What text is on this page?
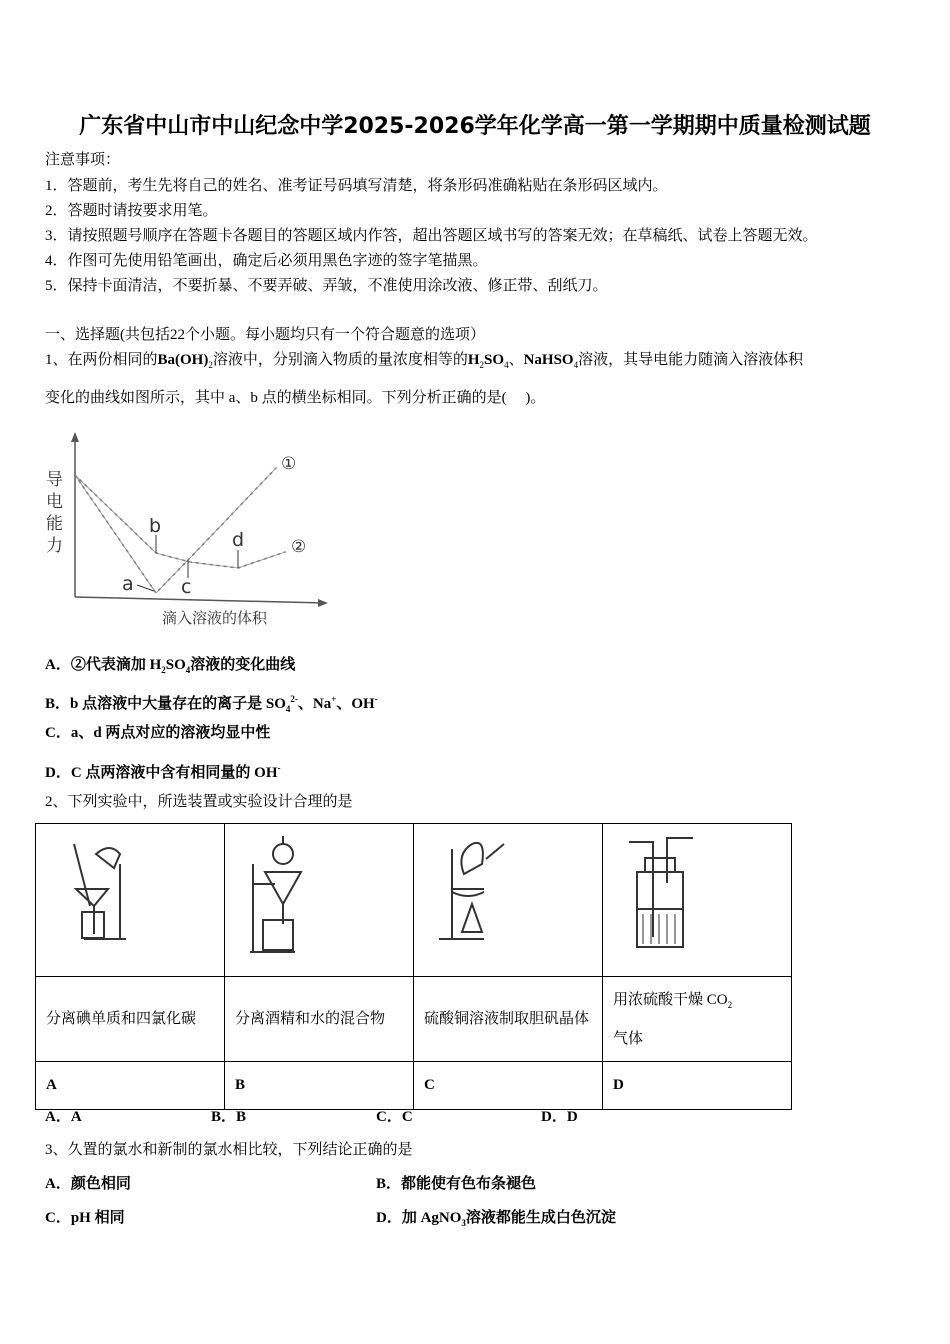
广东省中山市中山纪念中学2025-2026学年化学高一第一学期期中质量检测试题
注意事项：
1．答题前，考生先将自己的姓名、准考证号码填写清楚，将条形码准确粘贴在条形码区域内。
2．答题时请按要求用笔。
3．请按照题号顺序在答题卡各题目的答题区域内作答，超出答题区域书写的答案无效；在草稿纸、试卷上答题无效。
4．作图可先使用铅笔画出，确定后必须用黑色字迹的签字笔描黑。
5．保持卡面清洁，不要折暴、不要弄破、弄皱，不准使用涂改液、修正带、刮纸刀。
一、选择题(共包括22个小题。每小题均只有一个符合题意的选项）
1、在两份相同的$Ba(OH)_2$溶液中，分别滴入物质的量浓度相等的$H_2SO_4$、NaHSO$_4$溶液，其导电能力随滴入溶液体积
变化的曲线如图所示，其中 a、b 点的横坐标相同。下列分析正确的是(　 )。
导
电
能
力
滴入溶液的体积
①
②
a
b
c
d
A．②代表滴加 $H_2SO_4$溶液的变化曲线
B．b 点溶液中大量存在的离子是 $SO_4^{2-}$、Na+、OH-
C．a、d 两点对应的溶液均显中性
D．C 点两溶液中含有相同量的 OH-
2、下列实验中，所选装置或实验设计合理的是

分离碘单质和四氯化碳	分离酒精和水的混合物	硫酸铜溶液制取胆矾晶体	用浓硫酸干燥 $CO_2$
气体
A	B	C	D
A．A	B．B	C．C	D．D
3、久置的氯水和新制的氯水相比较，下列结论正确的是
A．颜色相同	B．都能使有色布条褪色
C．pH 相同	D．加 AgNO$_3$溶液都能生成白色沉淀
